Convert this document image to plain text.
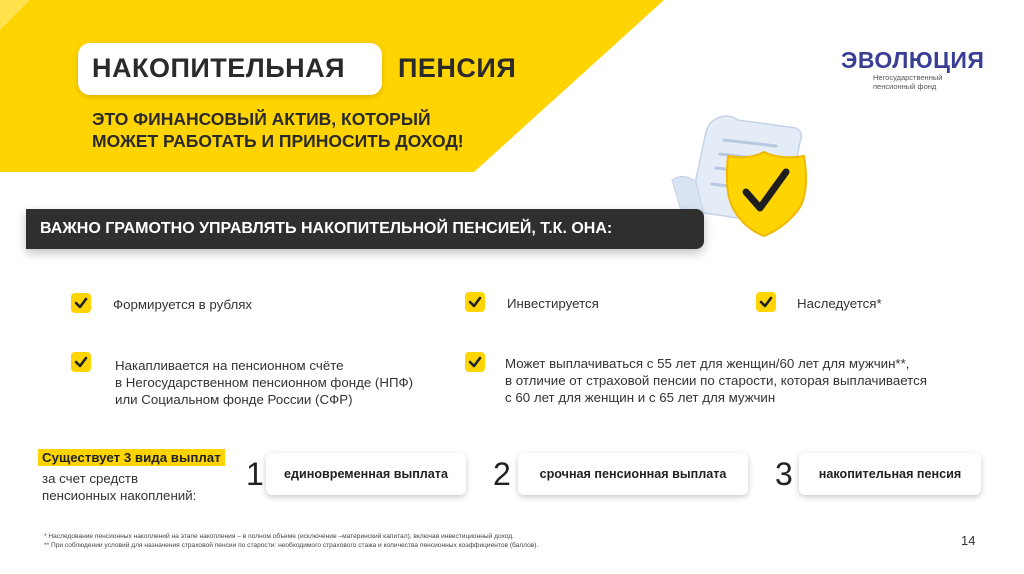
НАКОПИТЕЛЬНАЯ ПЕНСИЯ
ЭТО ФИНАНСОВЫЙ АКТИВ, КОТОРЫЙ
МОЖЕТ РАБОТАТЬ И ПРИНОСИТЬ ДОХОД!
ЭВОЛЮЦИЯ
Негосударственный
пенсионный фонд
ВАЖНО ГРАМОТНО УПРАВЛЯТЬ НАКОПИТЕЛЬНОЙ ПЕНСИЕЙ, Т.К. ОНА:
Формируется в рублях	Инвестируется	Наследуется*
Накапливается на пенсионном счёте
в Негосударственном пенсионном фонде (НПФ)
или Социальном фонде России (СФР)
Может выплачиваться с 55 лет для женщин/60 лет для мужчин**,
в отличие от страховой пенсии по старости, которая выплачивается
с 60 лет для женщин и с 65 лет для мужчин
Существует 3 вида выплат
за счет средств
пенсионных накоплений:
1 единовременная выплата 2 срочная пенсионная выплата 3 накопительная пенсия
* Наследование пенсионных накоплений на этапе накопления – в полном объеме (исключение –материнский капитал), включая инвестиционный доход.
** При соблюдении условий для назначения страховой пенсии по старости: необходимого страхового стажа и количества пенсионных коэффициентов (баллов).	14
